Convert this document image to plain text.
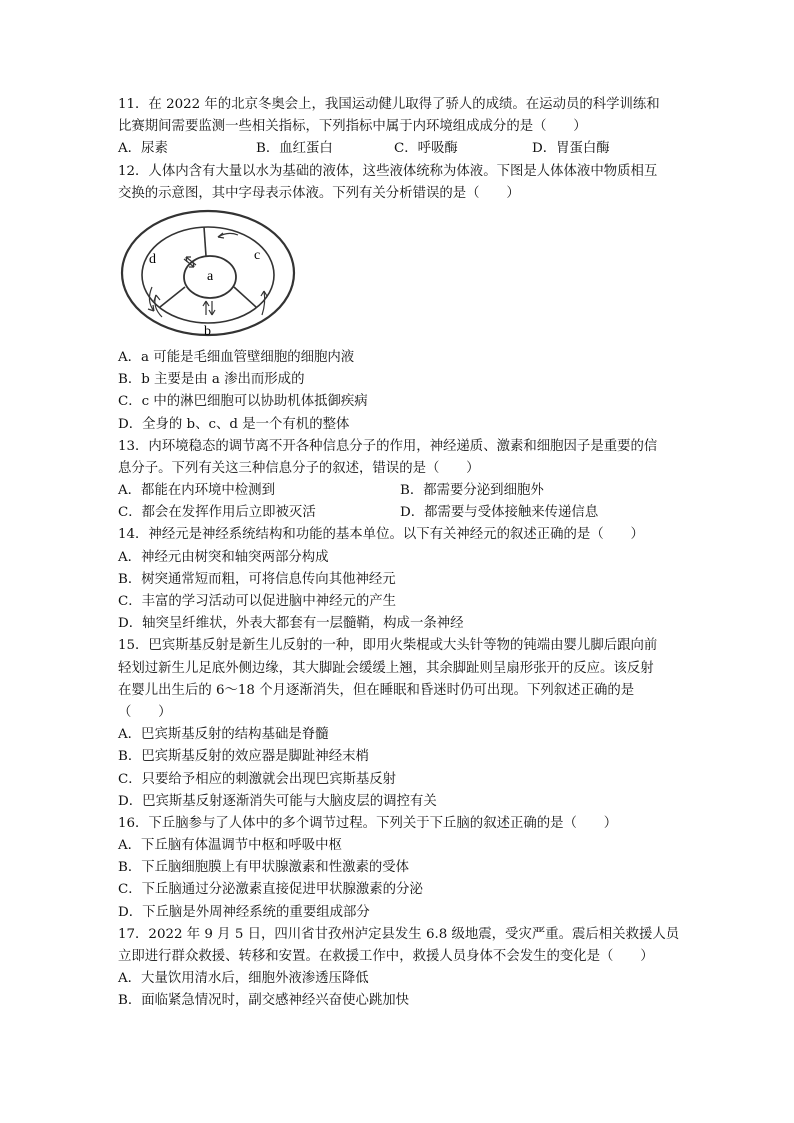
11．在 2022 年的北京冬奥会上，我国运动健儿取得了骄人的成绩。在运动员的科学训练和
比赛期间需要监测一些相关指标，下列指标中属于内环境组成成分的是（　　）
A．尿素	B．血红蛋白	C．呼吸酶	D．胃蛋白酶
12．人体内含有大量以水为基础的液体，这些液体统称为体液。下图是人体体液中物质相互
交换的示意图，其中字母表示体液。下列有关分析错误的是（　　）
d
a
c
b
A．a 可能是毛细血管壁细胞的细胞内液
B．b 主要是由 a 渗出而形成的
C．c 中的淋巴细胞可以协助机体抵御疾病
D．全身的 b、c、d 是一个有机的整体
13．内环境稳态的调节离不开各种信息分子的作用，神经递质、激素和细胞因子是重要的信
息分子。下列有关这三种信息分子的叙述，错误的是（　　）
A．都能在内环境中检测到	B．都需要分泌到细胞外
C．都会在发挥作用后立即被灭活	D．都需要与受体接触来传递信息
14．神经元是神经系统结构和功能的基本单位。以下有关神经元的叙述正确的是（　　）
A．神经元由树突和轴突两部分构成
B．树突通常短而粗，可将信息传向其他神经元
C．丰富的学习活动可以促进脑中神经元的产生
D．轴突呈纤维状，外表大都套有一层髓鞘，构成一条神经
15．巴宾斯基反射是新生儿反射的一种，即用火柴棍或大头针等物的钝端由婴儿脚后跟向前
轻划过新生儿足底外侧边缘，其大脚趾会缓缓上翘，其余脚趾则呈扇形张开的反应。该反射
在婴儿出生后的 6～18 个月逐渐消失，但在睡眠和昏迷时仍可出现。下列叙述正确的是
（　　）
A．巴宾斯基反射的结构基础是脊髓
B．巴宾斯基反射的效应器是脚趾神经末梢
C．只要给予相应的刺激就会出现巴宾斯基反射
D．巴宾斯基反射逐渐消失可能与大脑皮层的调控有关
16．下丘脑参与了人体中的多个调节过程。下列关于下丘脑的叙述正确的是（　　）
A．下丘脑有体温调节中枢和呼吸中枢
B．下丘脑细胞膜上有甲状腺激素和性激素的受体
C．下丘脑通过分泌激素直接促进甲状腺激素的分泌
D．下丘脑是外周神经系统的重要组成部分
17．2022 年 9 月 5 日，四川省甘孜州泸定县发生 6.8 级地震，受灾严重。震后相关救援人员
立即进行群众救援、转移和安置。在救援工作中，救援人员身体不会发生的变化是（　　）
A．大量饮用清水后，细胞外液渗透压降低
B．面临紧急情况时，副交感神经兴奋使心跳加快
